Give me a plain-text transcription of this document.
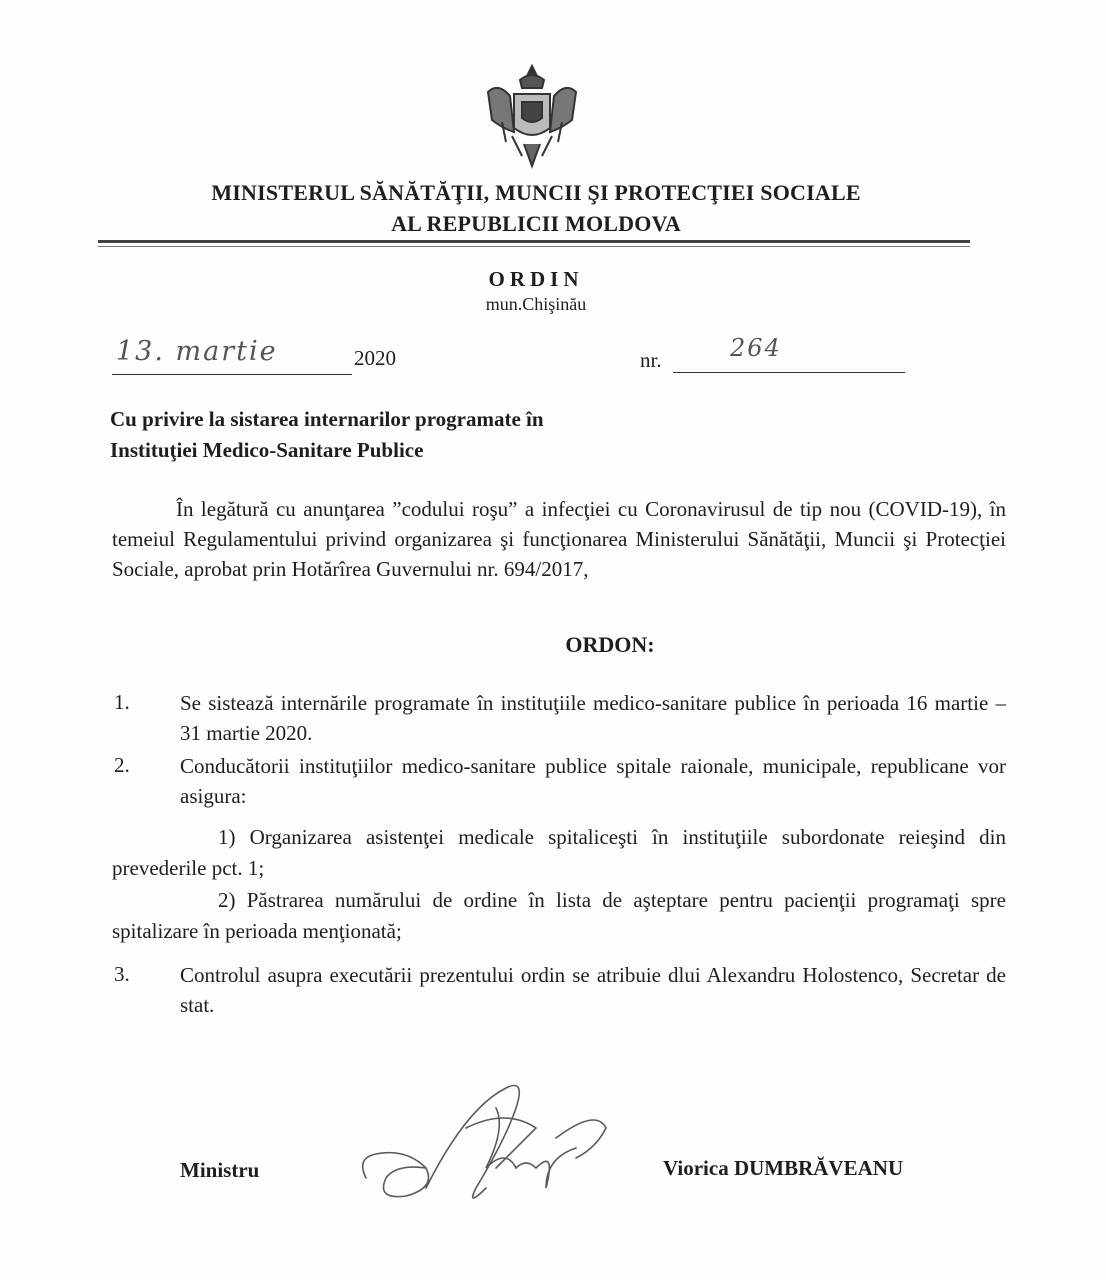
MINISTERUL SĂNĂTĂŢII, MUNCII ŞI PROTECŢIEI SOCIALE
AL REPUBLICII MOLDOVA
ORDIN
mun.Chişinău
13. martie	2020	nr.	264
Cu privire la sistarea internarilor programate în
Instituţiei Medico-Sanitare Publice
În legătură cu anunţarea ”codului roşu” a infecţiei cu Coronavirusul de tip nou (COVID-19), în temeiul Regulamentului privind organizarea şi funcţionarea Ministerului Sănătăţii, Muncii şi Protecţiei Sociale, aprobat prin Hotărîrea Guvernului nr. 694/2017,
ORDON:
1. Se sistează internările programate în instituţiile medico-sanitare publice în perioada 16 martie – 31 martie 2020.
2. Conducătorii instituţiilor medico-sanitare publice spitale raionale, municipale, republicane vor asigura:
1) Organizarea asistenţei medicale spitaliceşti în instituţiile subordonate reieşind din prevederile pct. 1;
2) Păstrarea numărului de ordine în lista de aşteptare pentru pacienţii programaţi spre spitalizare în perioada menţionată;
3. Controlul asupra executării prezentului ordin se atribuie dlui Alexandru Holostenco, Secretar de stat.
Ministru	Viorica DUMBRĂVEANU
